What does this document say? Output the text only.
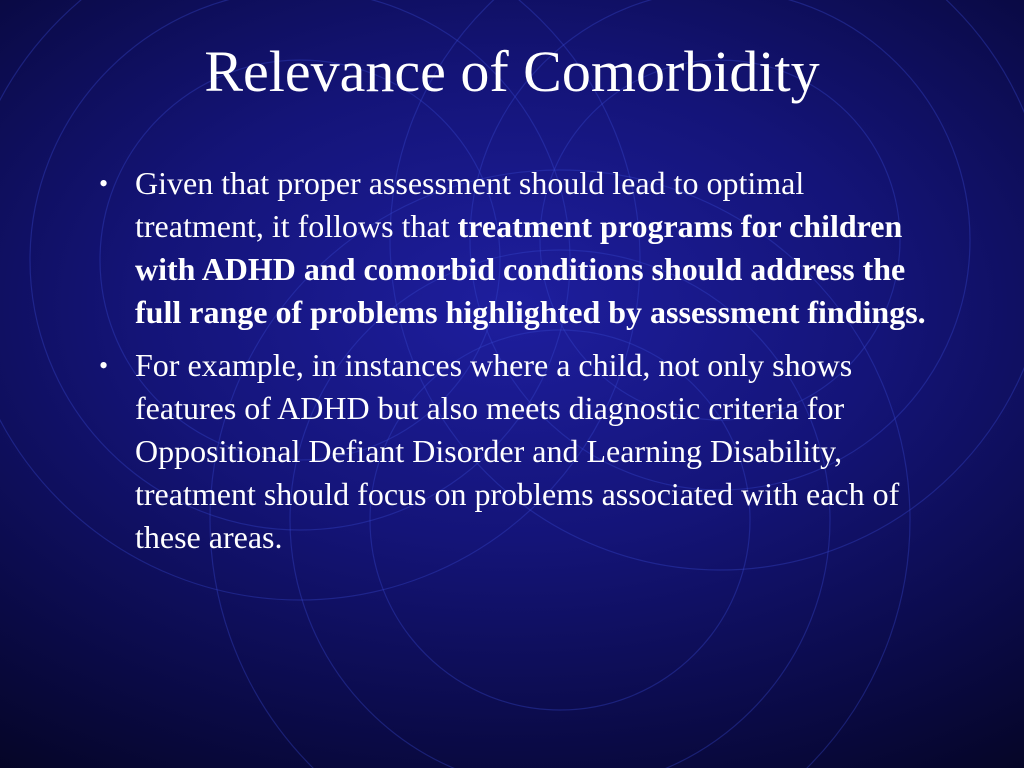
Relevance of Comorbidity
• Given that proper assessment should lead to optimal treatment, it follows that treatment programs for children with ADHD and comorbid conditions should address the full range of problems highlighted by assessment findings.
• For example, in instances where a child, not only shows features of ADHD but also meets diagnostic criteria for Oppositional Defiant Disorder and Learning Disability, treatment should focus on problems associated with each of these areas.
